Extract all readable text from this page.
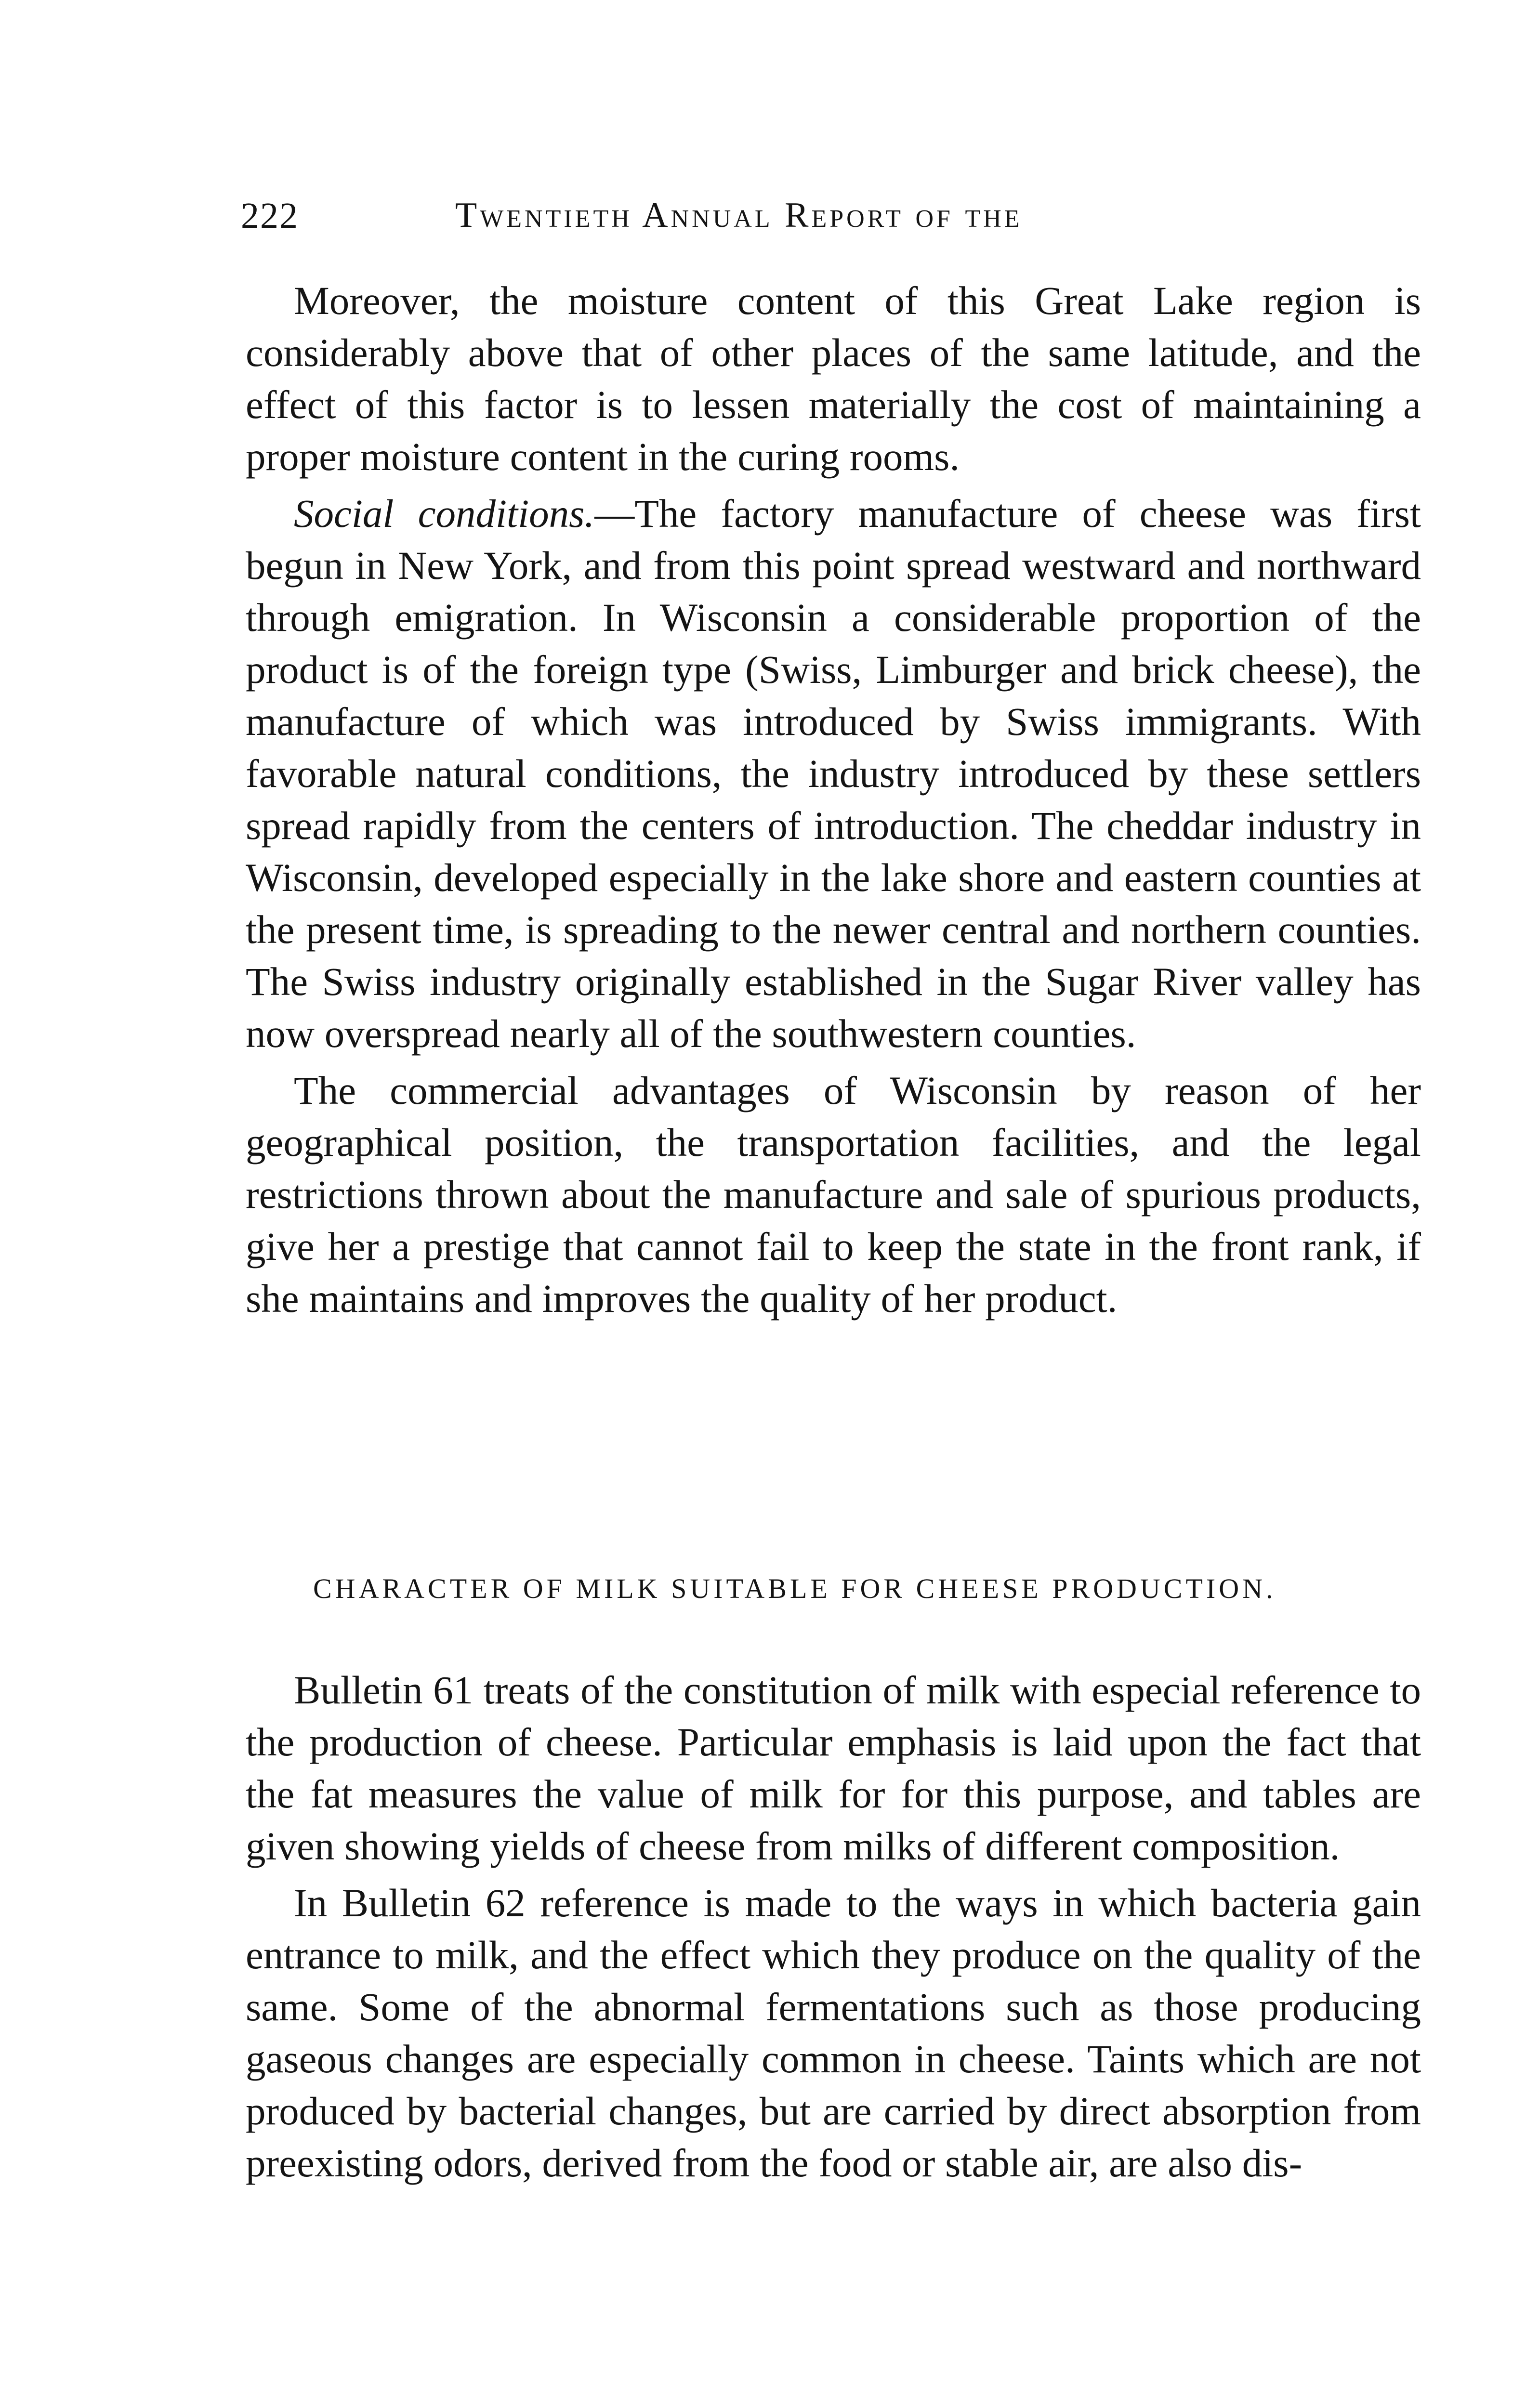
222	Twentieth Annual Report of the

Moreover, the moisture content of this Great Lake region is considerably above that of other places of the same latitude, and the effect of this factor is to lessen materially the cost of maintaining a proper moisture content in the curing rooms.

Social conditions.—The factory manufacture of cheese was first begun in New York, and from this point spread westward and northward through emigration. In Wisconsin a considerable proportion of the product is of the foreign type (Swiss, Limburger and brick cheese), the manufacture of which was introduced by Swiss immigrants. With favorable natural conditions, the industry introduced by these settlers spread rapidly from the centers of introduction. The cheddar industry in Wisconsin, developed especially in the lake shore and eastern counties at the present time, is spreading to the newer central and northern counties. The Swiss industry originally established in the Sugar River valley has now overspread nearly all of the southwestern counties.

The commercial advantages of Wisconsin by reason of her geographical position, the transportation facilities, and the legal restrictions thrown about the manufacture and sale of spurious products, give her a prestige that cannot fail to keep the state in the front rank, if she maintains and improves the quality of her product.

CHARACTER OF MILK SUITABLE FOR CHEESE PRODUCTION.

Bulletin 61 treats of the constitution of milk with especial reference to the production of cheese. Particular emphasis is laid upon the fact that the fat measures the value of milk for for this purpose, and tables are given showing yields of cheese from milks of different composition.

In Bulletin 62 reference is made to the ways in which bacteria gain entrance to milk, and the effect which they produce on the quality of the same. Some of the abnormal fermentations such as those producing gaseous changes are especially common in cheese. Taints which are not produced by bacterial changes, but are carried by direct absorption from preexisting odors, derived from the food or stable air, are also dis-
